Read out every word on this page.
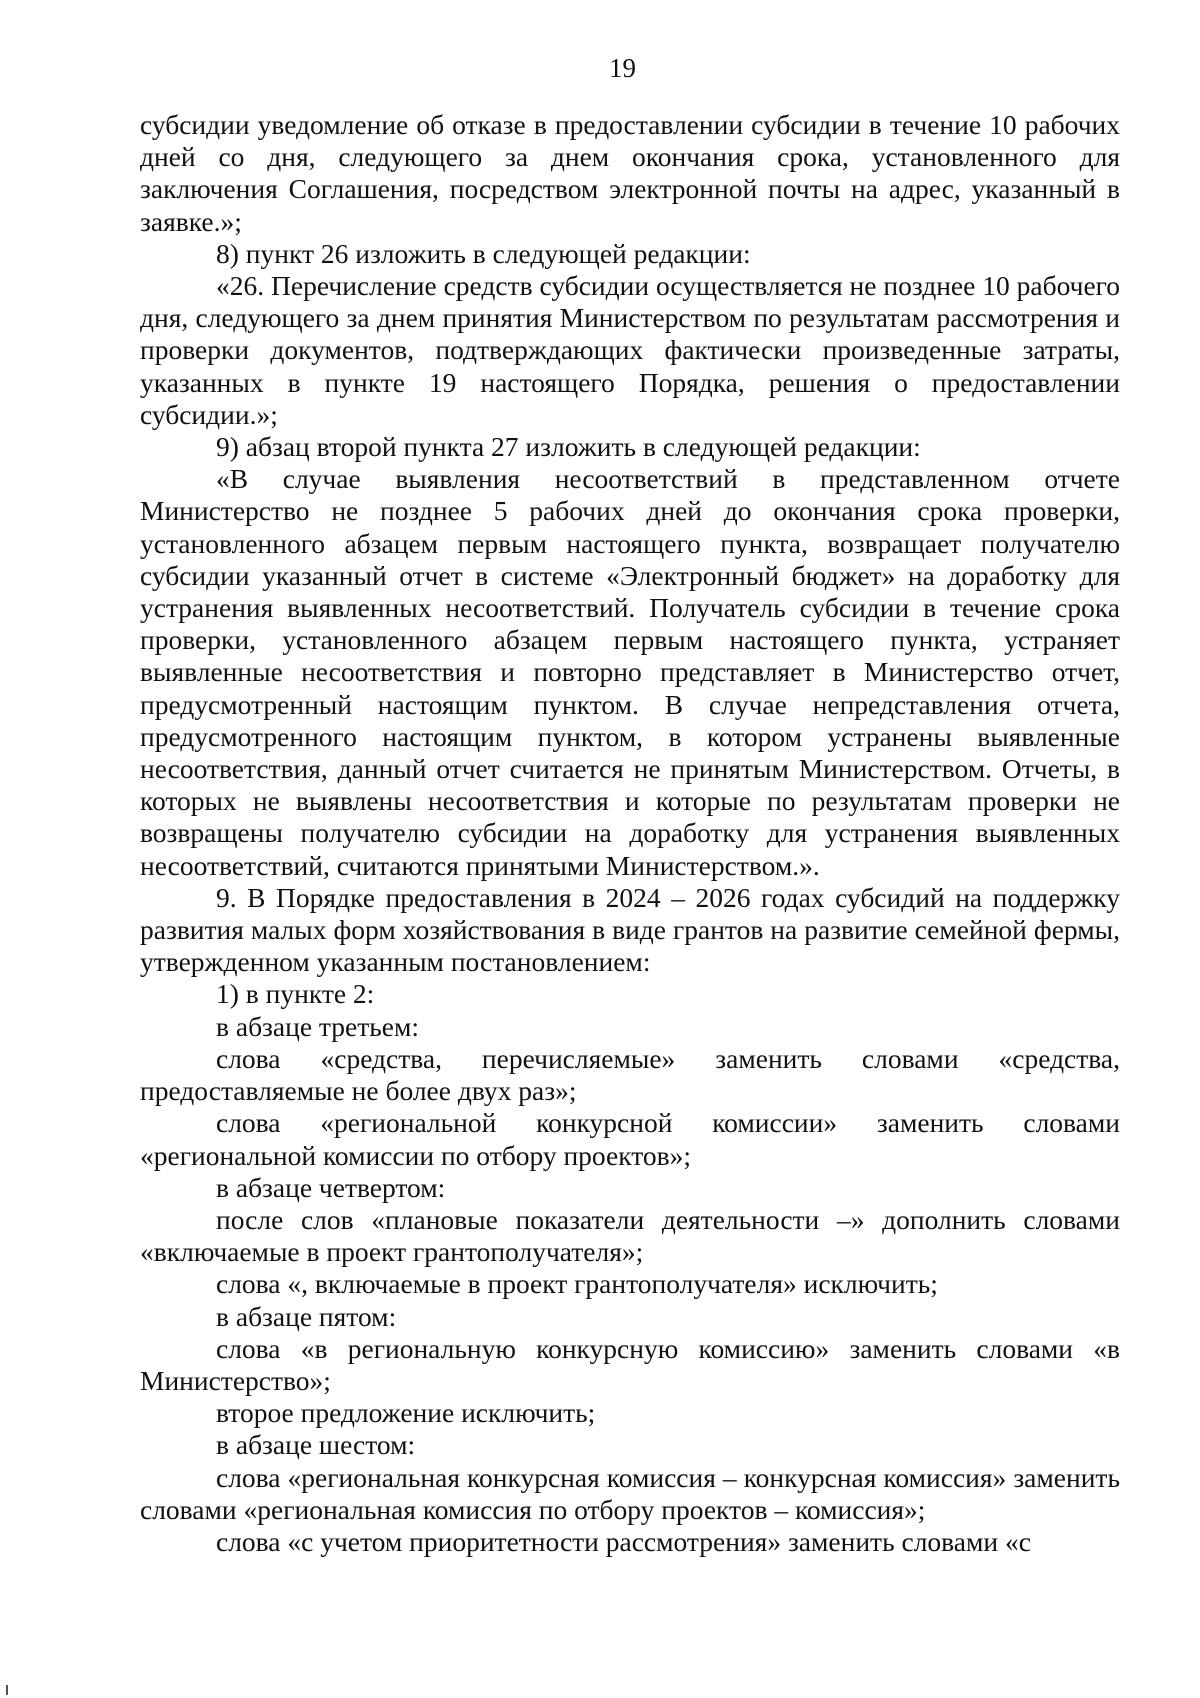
19

субсидии уведомление об отказе в предоставлении субсидии в течение 10 рабочих дней со дня, следующего за днем окончания срока, установленного для заключения Соглашения, посредством электронной почты на адрес, указанный в заявке.»;

8) пункт 26 изложить в следующей редакции:

«26. Перечисление средств субсидии осуществляется не позднее 10 рабочего дня, следующего за днем принятия Министерством по результатам рассмотрения и проверки документов, подтверждающих фактически произведенные затраты, указанных в пункте 19 настоящего Порядка, решения о предоставлении субсидии.»;

9) абзац второй пункта 27 изложить в следующей редакции:

«В случае выявления несоответствий в представленном отчете Министерство не позднее 5 рабочих дней до окончания срока проверки, установленного абзацем первым настоящего пункта, возвращает получателю субсидии указанный отчет в системе «Электронный бюджет» на доработку для устранения выявленных несоответствий. Получатель субсидии в течение срока проверки, установленного абзацем первым настоящего пункта, устраняет выявленные несоответствия и повторно представляет в Министерство отчет, предусмотренный настоящим пунктом. В случае непредставления отчета, предусмотренного настоящим пунктом, в котором устранены выявленные несоответствия, данный отчет считается не принятым Министерством. Отчеты, в которых не выявлены несоответствия и которые по результатам проверки не возвращены получателю субсидии на доработку для устранения выявленных несоответствий, считаются принятыми Министерством.».

9. В Порядке предоставления в 2024 – 2026 годах субсидий на поддержку развития малых форм хозяйствования в виде грантов на развитие семейной фермы, утвержденном указанным постановлением:

1) в пункте 2:

в абзаце третьем:

слова «средства, перечисляемые» заменить словами «средства, предоставляемые не более двух раз»;

слова «региональной конкурсной комиссии» заменить словами «региональной комиссии по отбору проектов»;

в абзаце четвертом:

после слов «плановые показатели деятельности –» дополнить словами «включаемые в проект грантополучателя»;

слова «, включаемые в проект грантополучателя» исключить;

в абзаце пятом:

слова «в региональную конкурсную комиссию» заменить словами «в Министерство»;

второе предложение исключить;

в абзаце шестом:

слова «региональная конкурсная комиссия – конкурсная комиссия» заменить словами «региональная комиссия по отбору проектов – комиссия»;

слова «с учетом приоритетности рассмотрения» заменить словами «с
